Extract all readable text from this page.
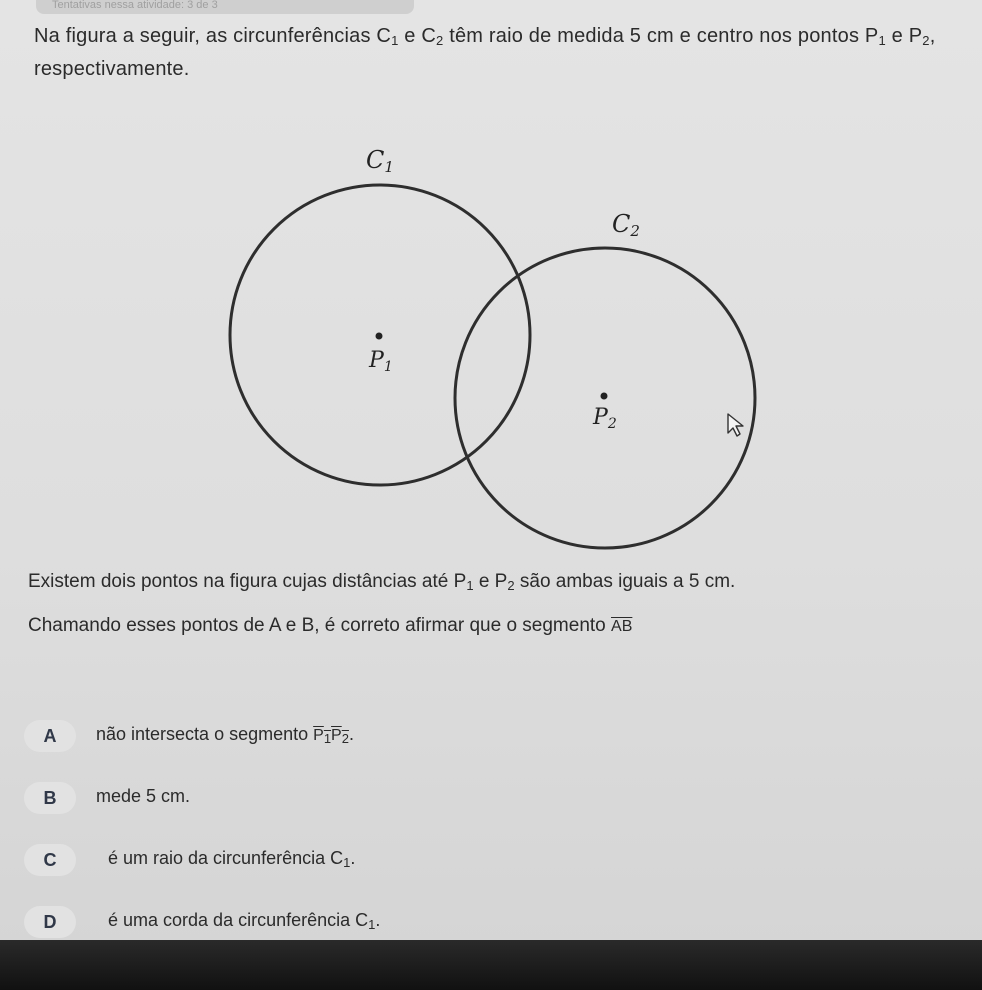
Tentativas nessa atividade: 3 de 3

Na figura a seguir, as circunferências $C_1$ e $C_2$ têm raio de medida 5 cm e centro nos pontos $P_1$ e $P_2$, respectivamente.

C1
C2
P1
P2

Existem dois pontos na figura cujas distâncias até $P_1$ e $P_2$ são ambas iguais a 5 cm.

Chamando esses pontos de A e B, é correto afirmar que o segmento $\overline{AB}$

A	não intersecta o segmento $P_1P_2$.
B	mede 5 cm.
C	é um raio da circunferência $C_1$.
D	é uma corda da circunferência $C_1$.
